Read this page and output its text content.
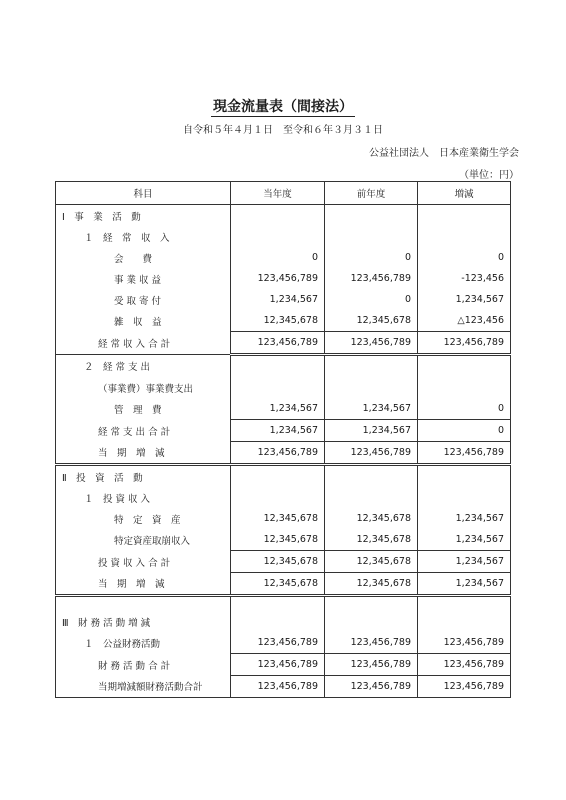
現金流量表（間接法）
自令和５年４月１日　至令和６年３月３１日
公益社団法人　日本産業衛生学会
（単位：円）
科目	当年度	前年度	増減
Ⅰ　事　業　活　動			
１　経　常　収　入			
会　　費	0	0	0
事 業 収 益	123,456,789	123,456,789	-123,456
受 取 寄 付	1,234,567	0	1,234,567
雑　収　益	12,345,678	12,345,678	△123,456
経 常 収 入 合 計	123,456,789	123,456,789	123,456,789
２　経 常 支 出			
（事業費）事業費支出			
管　理　費	1,234,567	1,234,567	0
経 常 支 出 合 計	1,234,567	1,234,567	0
当　期　増　減	123,456,789	123,456,789	123,456,789
Ⅱ　投　資　活　動			
１　投 資 収 入			
特　定　資　産	12,345,678	12,345,678	1,234,567
特定資産取崩収入	12,345,678	12,345,678	1,234,567
投 資 収 入 合 計	12,345,678	12,345,678	1,234,567
当　期　増　減	12,345,678	12,345,678	1,234,567

Ⅲ　財 務 活 動 増 減			
１　公益財務活動	123,456,789	123,456,789	123,456,789
財 務 活 動 合 計	123,456,789	123,456,789	123,456,789
当期増減額財務活動合計	123,456,789	123,456,789	123,456,789
